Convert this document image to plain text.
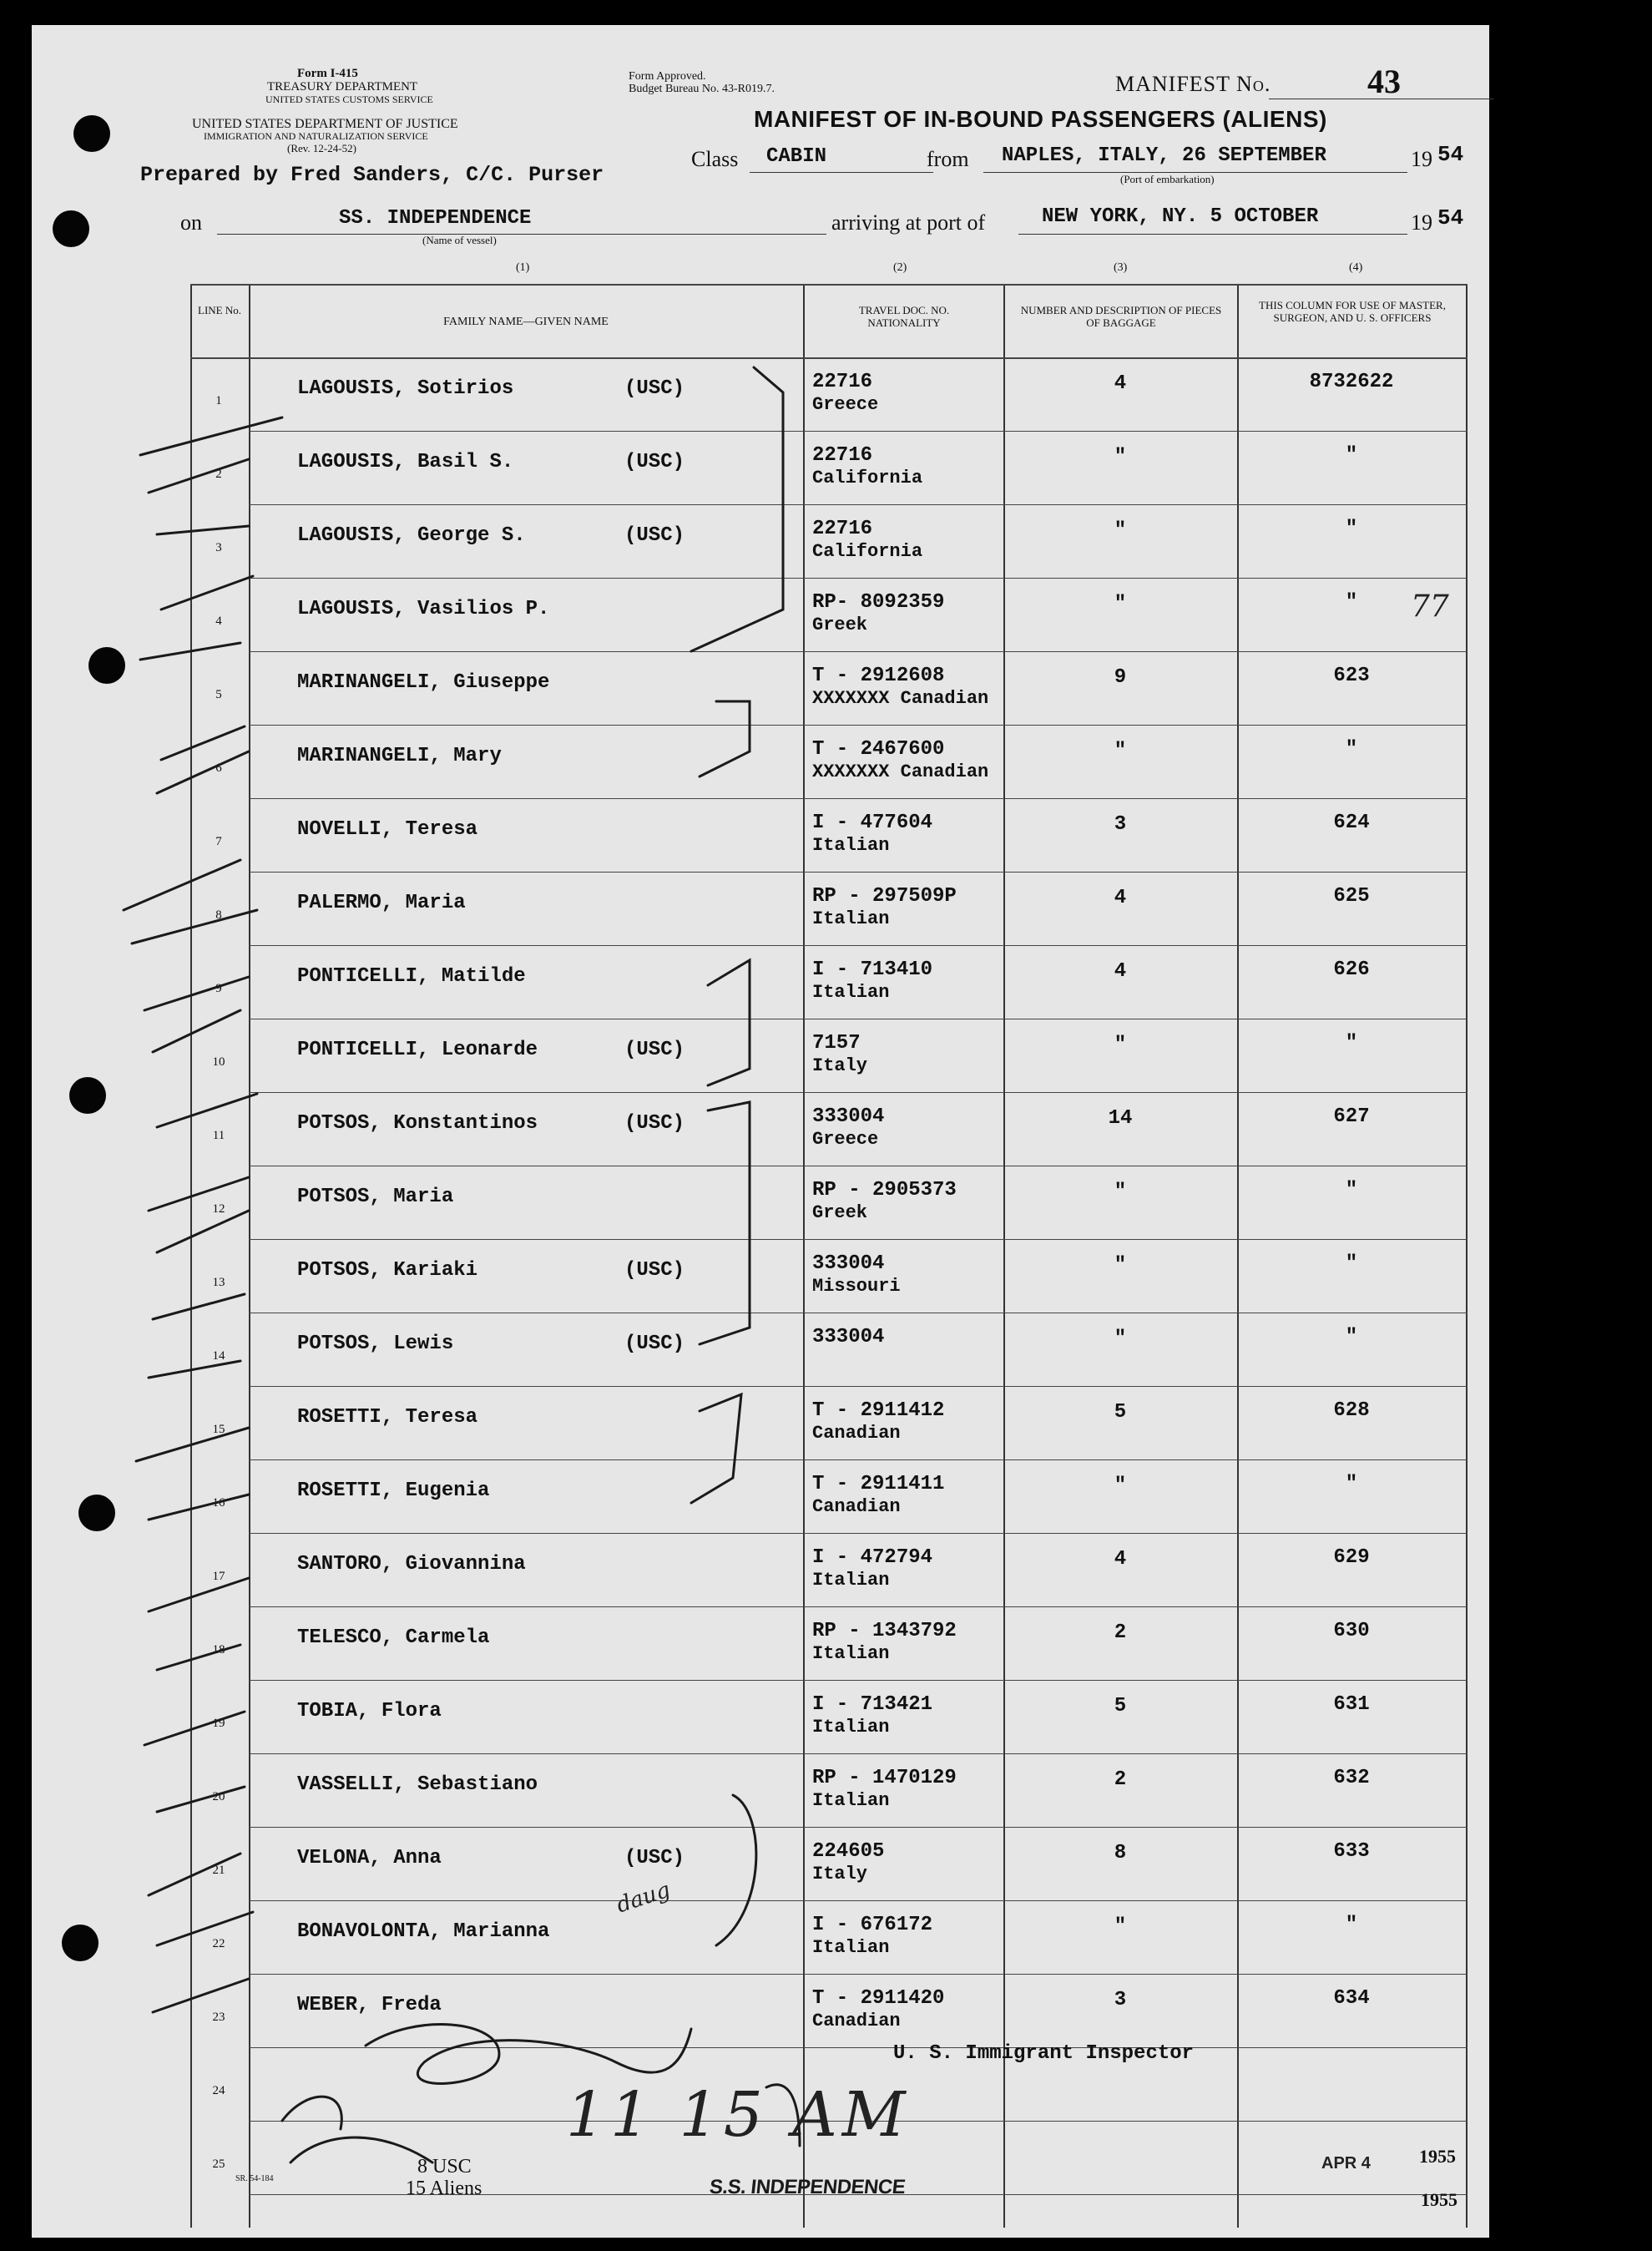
Form I-415
TREASURY DEPARTMENT
UNITED STATES CUSTOMS SERVICE
UNITED STATES DEPARTMENT OF JUSTICE
IMMIGRATION AND NATURALIZATION SERVICE
(Rev. 12-24-52)
Prepared by Fred Sanders, C/C. Purser
Form Approved.
Budget Bureau No. 43-R019.7.	MANIFEST No.	43
MANIFEST OF IN-BOUND PASSENGERS (ALIENS)
Class CABIN	from NAPLES, ITALY, 26 SEPTEMBER
(Port of embarkation)
19 54
on	SS. INDEPENDENCE
(Name of vessel)
arriving at port of	NEW YORK, NY. 5 OCTOBER	19 54
(1)	(2)	(3)	(4)
LINE No.
FAMILY NAME—GIVEN NAME
TRAVEL DOC. NO. NATIONALITY
NUMBER AND DESCRIPTION OF PIECES OF BAGGAGE
THIS COLUMN FOR USE OF MASTER, SURGEON, AND U. S. OFFICERS
1
LAGOUSIS, Sotirios	(USC)	22716
Greece
4	8732622
2
LAGOUSIS, Basil S.	(USC)	22716
California
"	"
3
LAGOUSIS, George S.	(USC)	22716
California
"	"
4
LAGOUSIS, Vasilios P.	RP- 8092359
Greek
"	"
5
MARINANGELI, Giuseppe	T - 2912608
XXXXXXX Canadian
9	623
6
MARINANGELI, Mary	T - 2467600
XXXXXXX Canadian
"	"
7
NOVELLI, Teresa	I - 477604
Italian
3	624
8
PALERMO, Maria	RP - 297509P
Italian
4	625
9
PONTICELLI, Matilde	I - 713410
Italian
4	626
10
PONTICELLI, Leonarde	(USC)	7157
Italy
"	"
11
POTSOS, Konstantinos	(USC)	333004
Greece
14	627
12
POTSOS, Maria	RP - 2905373
Greek
"	"
13
POTSOS, Kariaki	(USC)	333004
Missouri
"	"
14
POTSOS, Lewis	(USC)	333004	"	"
15
ROSETTI, Teresa	T - 2911412
Canadian
5	628
16
ROSETTI, Eugenia	T - 2911411
Canadian
"	"
17
SANTORO, Giovannina	I - 472794
Italian
4	629
18
TELESCO, Carmela	RP - 1343792
Italian
2	630
19
TOBIA, Flora	I - 713421
Italian
5	631
20
VASSELLI, Sebastiano	RP - 1470129
Italian
2	632
21
VELONA, Anna	(USC)	224605
Italy
8	633
22
BONAVOLONTA, Marianna	I - 676172
Italian
"	"
23
WEBER, Freda	T - 2911420
Canadian
3	634
24
25
77
daug
U. S. Immigrant Inspector
8 USC
15 Aliens
SR. 54-184	S.S. INDEPENDENCE
11 15 AM
APR 4	1955
1955
